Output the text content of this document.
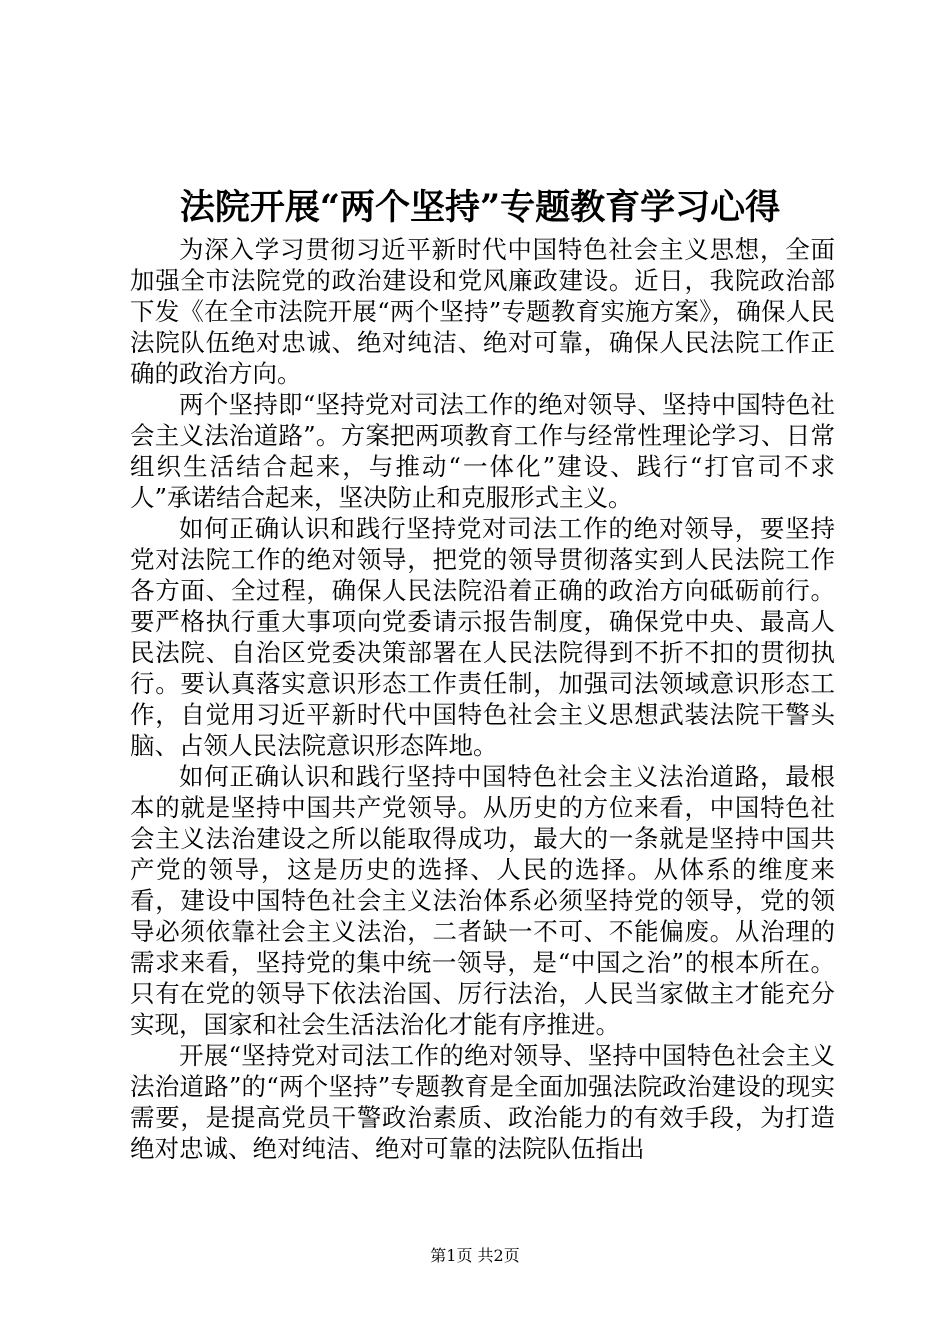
法院开展“两个坚持”专题教育学习心得

为深入学习贯彻习近平新时代中国特色社会主义思想，全面加强全市法院党的政治建设和党风廉政建设。近日，我院政治部下发《在全市法院开展“两个坚持”专题教育实施方案》，确保人民法院队伍绝对忠诚、绝对纯洁、绝对可靠，确保人民法院工作正确的政治方向。

两个坚持即“坚持党对司法工作的绝对领导、坚持中国特色社会主义法治道路”。方案把两项教育工作与经常性理论学习、日常组织生活结合起来，与推动“一体化”建设、践行“打官司不求人”承诺结合起来，坚决防止和克服形式主义。

如何正确认识和践行坚持党对司法工作的绝对领导，要坚持党对法院工作的绝对领导，把党的领导贯彻落实到人民法院工作各方面、全过程，确保人民法院沿着正确的政治方向砥砺前行。要严格执行重大事项向党委请示报告制度，确保党中央、最高人民法院、自治区党委决策部署在人民法院得到不折不扣的贯彻执行。要认真落实意识形态工作责任制，加强司法领域意识形态工作，自觉用习近平新时代中国特色社会主义思想武装法院干警头脑、占领人民法院意识形态阵地。

如何正确认识和践行坚持中国特色社会主义法治道路，最根本的就是坚持中国共产党领导。从历史的方位来看，中国特色社会主义法治建设之所以能取得成功，最大的一条就是坚持中国共产党的领导，这是历史的选择、人民的选择。从体系的维度来看，建设中国特色社会主义法治体系必须坚持党的领导，党的领导必须依靠社会主义法治，二者缺一不可、不能偏废。从治理的需求来看，坚持党的集中统一领导，是“中国之治”的根本所在。只有在党的领导下依法治国、厉行法治，人民当家做主才能充分实现，国家和社会生活法治化才能有序推进。

开展“坚持党对司法工作的绝对领导、坚持中国特色社会主义法治道路”的“两个坚持”专题教育是全面加强法院政治建设的现实需要，是提高党员干警政治素质、政治能力的有效手段，为打造绝对忠诚、绝对纯洁、绝对可靠的法院队伍指出

第1页 共2页
